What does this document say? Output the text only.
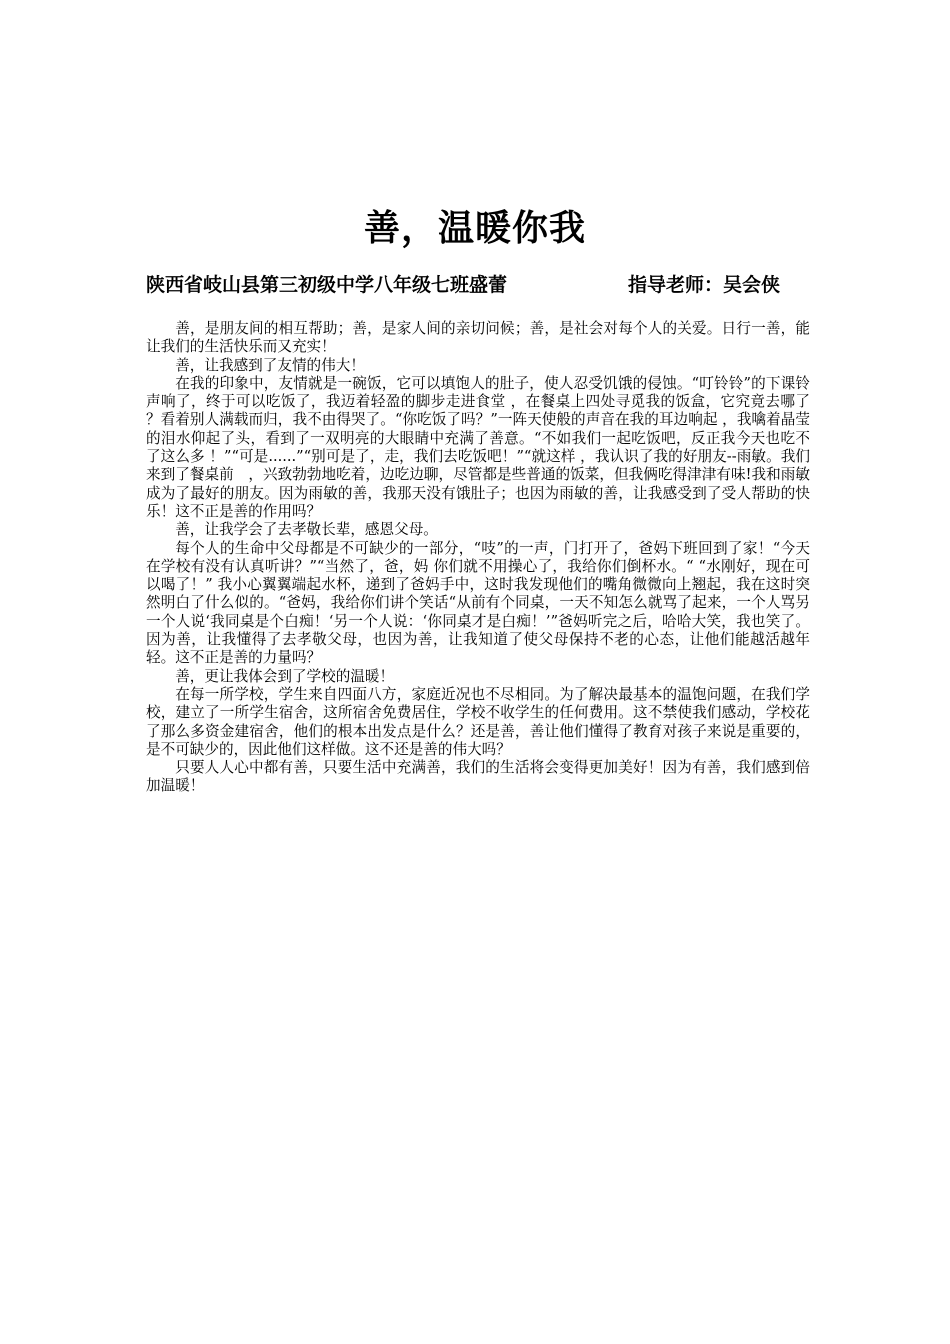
善，温暖你我
陕西省岐山县第三初级中学八年级七班盛蕾	指导老师：吴会侠

善，是朋友间的相互帮助；善，是家人间的亲切问候；善，是社会对每个人的关爱。日行一善，能让我们的生活快乐而又充实！

善，让我感到了友情的伟大！

在我的印象中，友情就是一碗饭，它可以填饱人的肚子，使人忍受饥饿的侵蚀。“叮铃铃”的下课铃声响了，终于可以吃饭了，我迈着轻盈的脚步走进食堂 ，在餐桌上四处寻觅我的饭盒，它究竟去哪了 ？看着别人满载而归，我不由得哭了。“你吃饭了吗？”一阵天使般的声音在我的耳边响起 ，我噙着晶莹的泪水仰起了头，看到了一双明亮的大眼睛中充满了善意。“不如我们一起吃饭吧，反正我今天也吃不了这么多 ！”“可是......”“别可是了，走，我们去吃饭吧！”“就这样 ，我认识了我的好朋友--雨敏。我们来到了餐桌前　，兴致勃勃地吃着，边吃边聊，尽管都是些普通的饭菜，但我俩吃得津津有味!我和雨敏成为了最好的朋友。因为雨敏的善，我那天没有饿肚子；也因为雨敏的善，让我感受到了受人帮助的快乐！这不正是善的作用吗？

善，让我学会了去孝敬长辈，感恩父母。

每个人的生命中父母都是不可缺少的一部分，“吱”的一声，门打开了，爸妈下班回到了家！“今天在学校有没有认真听讲？”“当然了，爸，妈 你们就不用操心了，我给你们倒杯水。“ “水刚好，现在可以喝了！” 我小心翼翼端起水杯，递到了爸妈手中，这时我发现他们的嘴角微微向上翘起，我在这时突然明白了什么似的。“爸妈，我给你们讲个笑话“从前有个同桌，一天不知怎么就骂了起来，一个人骂另一个人说‘我同桌是个白痴！‘另一个人说：‘你同桌才是白痴！’”爸妈听完之后，哈哈大笑，我也笑了。因为善，让我懂得了去孝敬父母，也因为善，让我知道了使父母保持不老的心态，让他们能越活越年轻。这不正是善的力量吗？

善，更让我体会到了学校的温暖！

在每一所学校，学生来自四面八方，家庭近况也不尽相同。为了解决最基本的温饱问题，在我们学校，建立了一所学生宿舍，这所宿舍免费居住，学校不收学生的任何费用。这不禁使我们感动，学校花了那么多资金建宿舍，他们的根本出发点是什么？还是善，善让他们懂得了教育对孩子来说是重要的，是不可缺少的，因此他们这样做。这不还是善的伟大吗？

只要人人心中都有善，只要生活中充满善，我们的生活将会变得更加美好！因为有善，我们感到倍加温暖！
